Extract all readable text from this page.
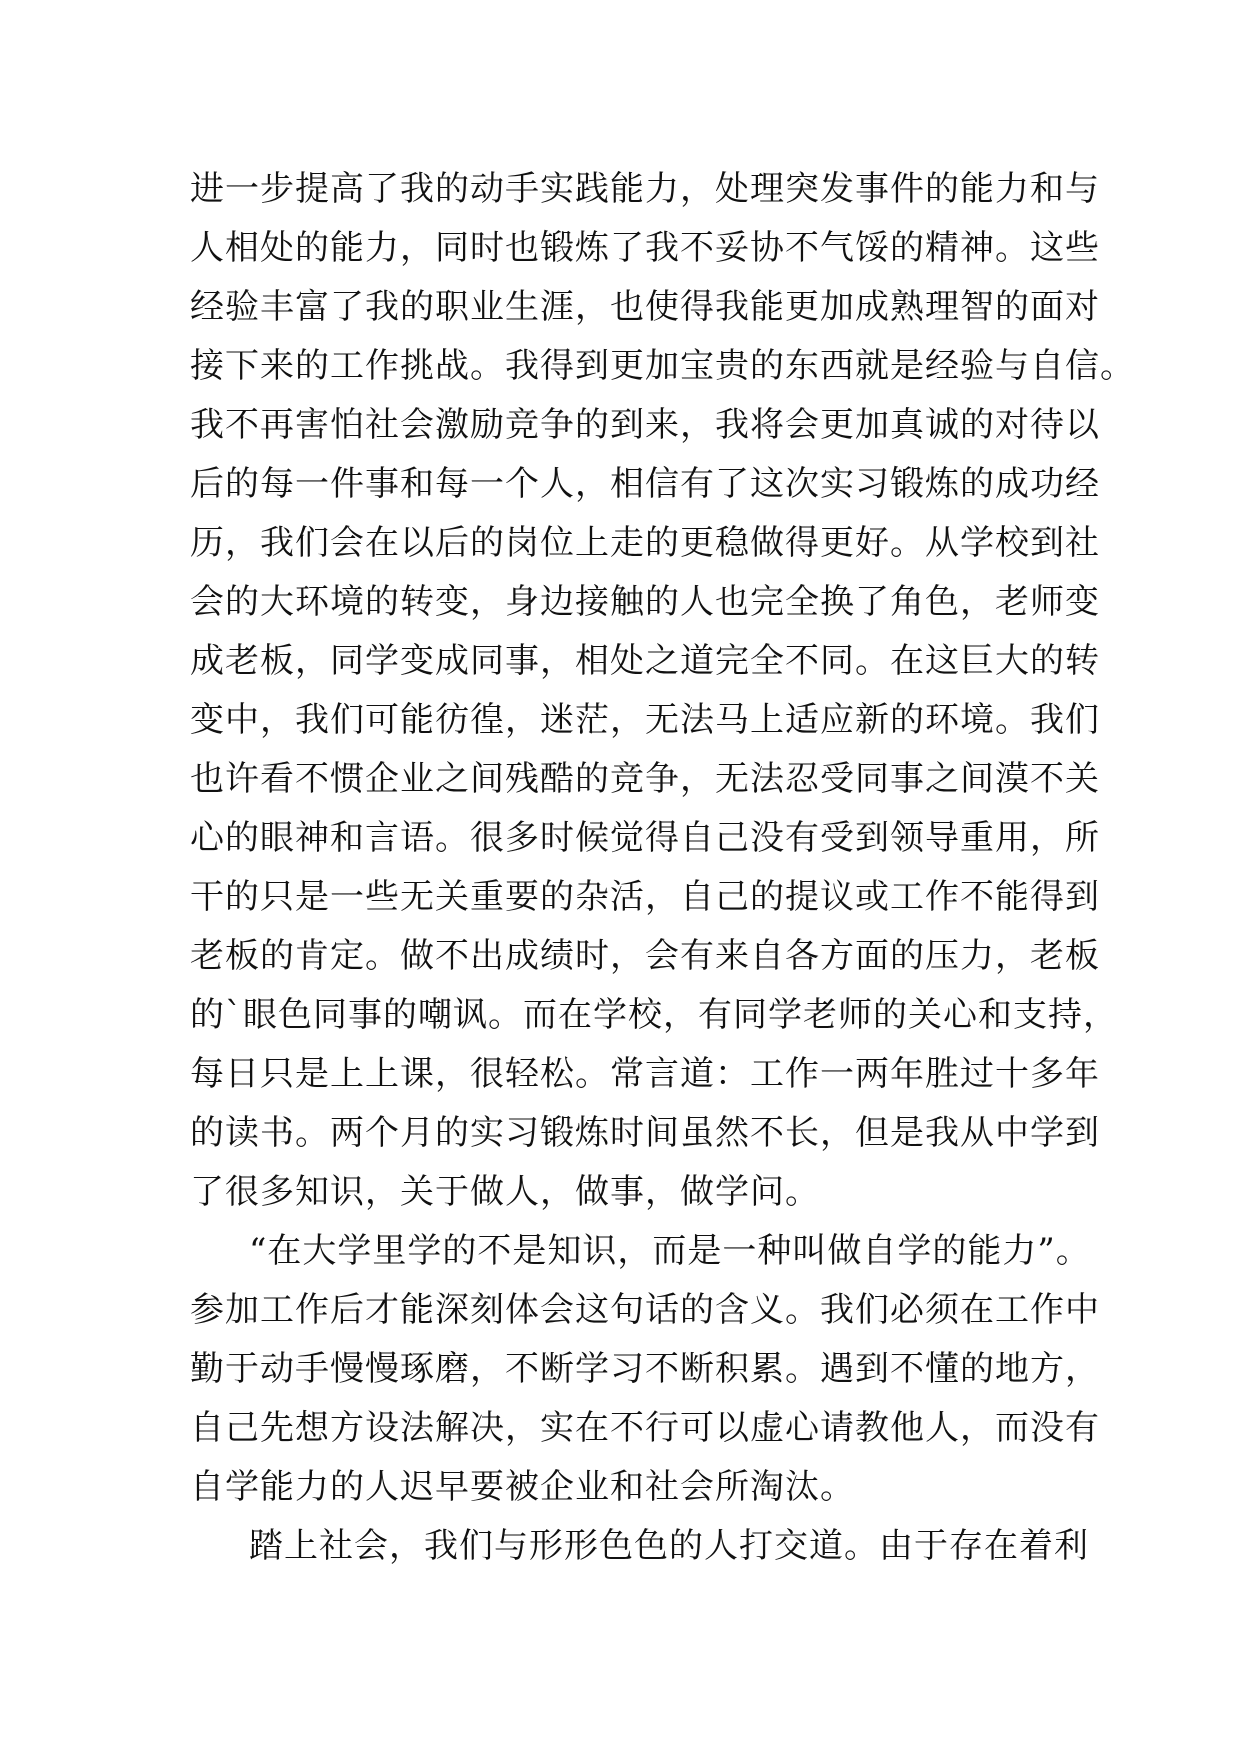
进一步提高了我的动手实践能力，处理突发事件的能力和与
人相处的能力，同时也锻炼了我不妥协不气馁的精神。这些
经验丰富了我的职业生涯，也使得我能更加成熟理智的面对
接下来的工作挑战。我得到更加宝贵的东西就是经验与自信。
我不再害怕社会激励竞争的到来，我将会更加真诚的对待以
后的每一件事和每一个人，相信有了这次实习锻炼的成功经
历，我们会在以后的岗位上走的更稳做得更好。从学校到社
会的大环境的转变，身边接触的人也完全换了角色，老师变
成老板，同学变成同事，相处之道完全不同。在这巨大的转
变中，我们可能彷徨，迷茫，无法马上适应新的环境。我们
也许看不惯企业之间残酷的竞争，无法忍受同事之间漠不关
心的眼神和言语。很多时候觉得自己没有受到领导重用，所
干的只是一些无关重要的杂活，自己的提议或工作不能得到
老板的肯定。做不出成绩时，会有来自各方面的压力，老板
的`眼色同事的嘲讽。而在学校，有同学老师的关心和支持，
每日只是上上课，很轻松。常言道：工作一两年胜过十多年
的读书。两个月的实习锻炼时间虽然不长，但是我从中学到
了很多知识，关于做人，做事，做学问。
“在大学里学的不是知识，而是一种叫做自学的能力”。
参加工作后才能深刻体会这句话的含义。我们必须在工作中
勤于动手慢慢琢磨，不断学习不断积累。遇到不懂的地方，
自己先想方设法解决，实在不行可以虚心请教他人，而没有
自学能力的人迟早要被企业和社会所淘汰。
踏上社会，我们与形形色色的人打交道。由于存在着利
